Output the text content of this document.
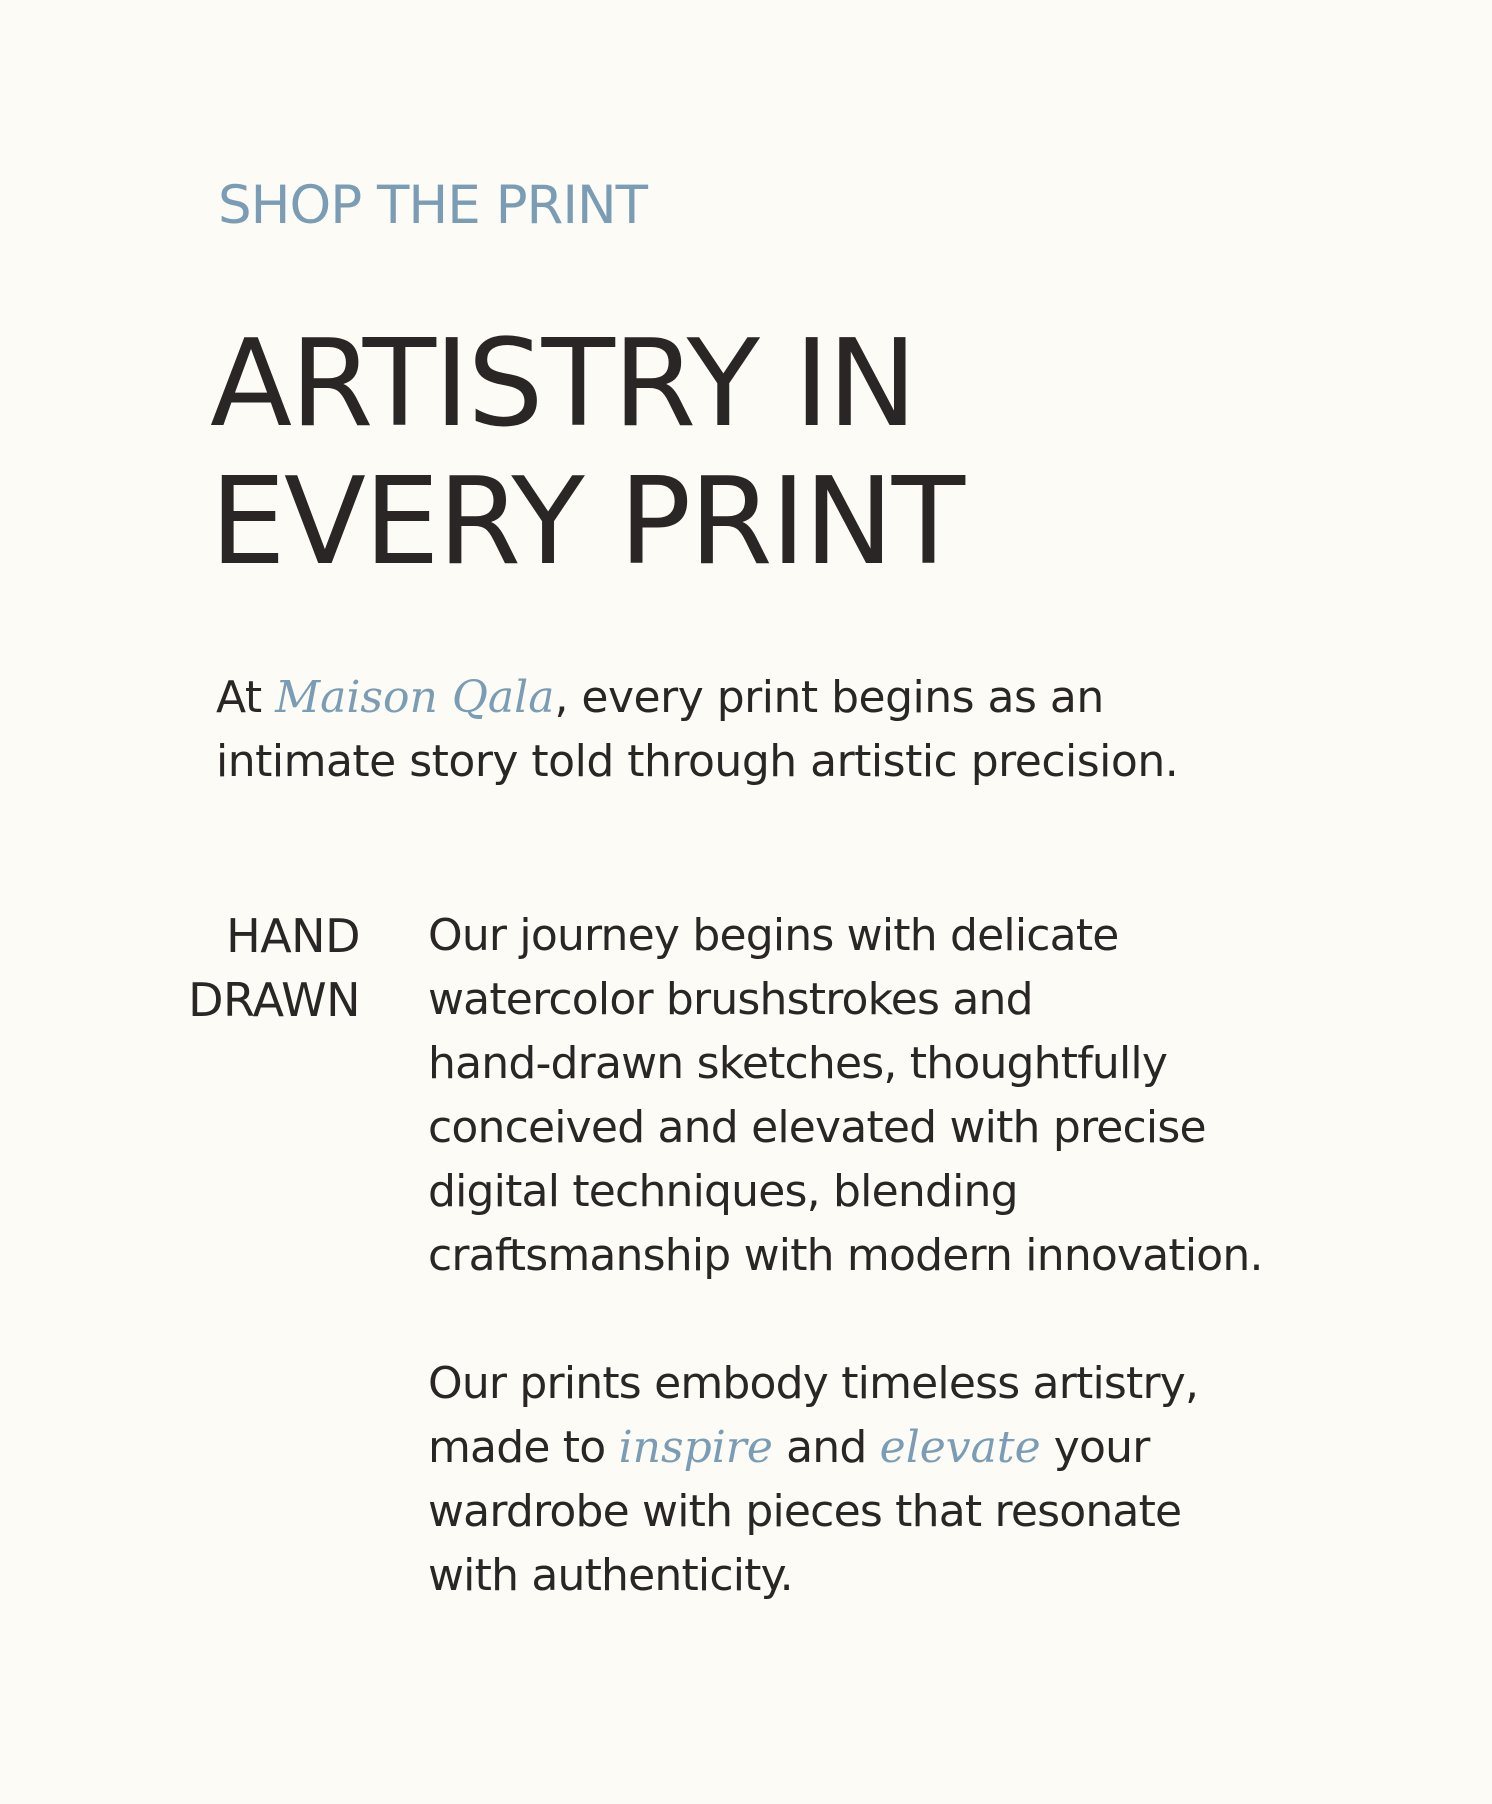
SHOP THE PRINT
ARTISTRY IN
EVERY PRINT

At Maison Qala, every print begins as an
intimate story told through artistic precision.

HAND
DRAWN

Our journey begins with delicate
watercolor brushstrokes and
hand-drawn sketches, thoughtfully
conceived and elevated with precise
digital techniques, blending
craftsmanship with modern innovation.

Our prints embody timeless artistry,
made to inspire and elevate your
wardrobe with pieces that resonate
with authenticity.
